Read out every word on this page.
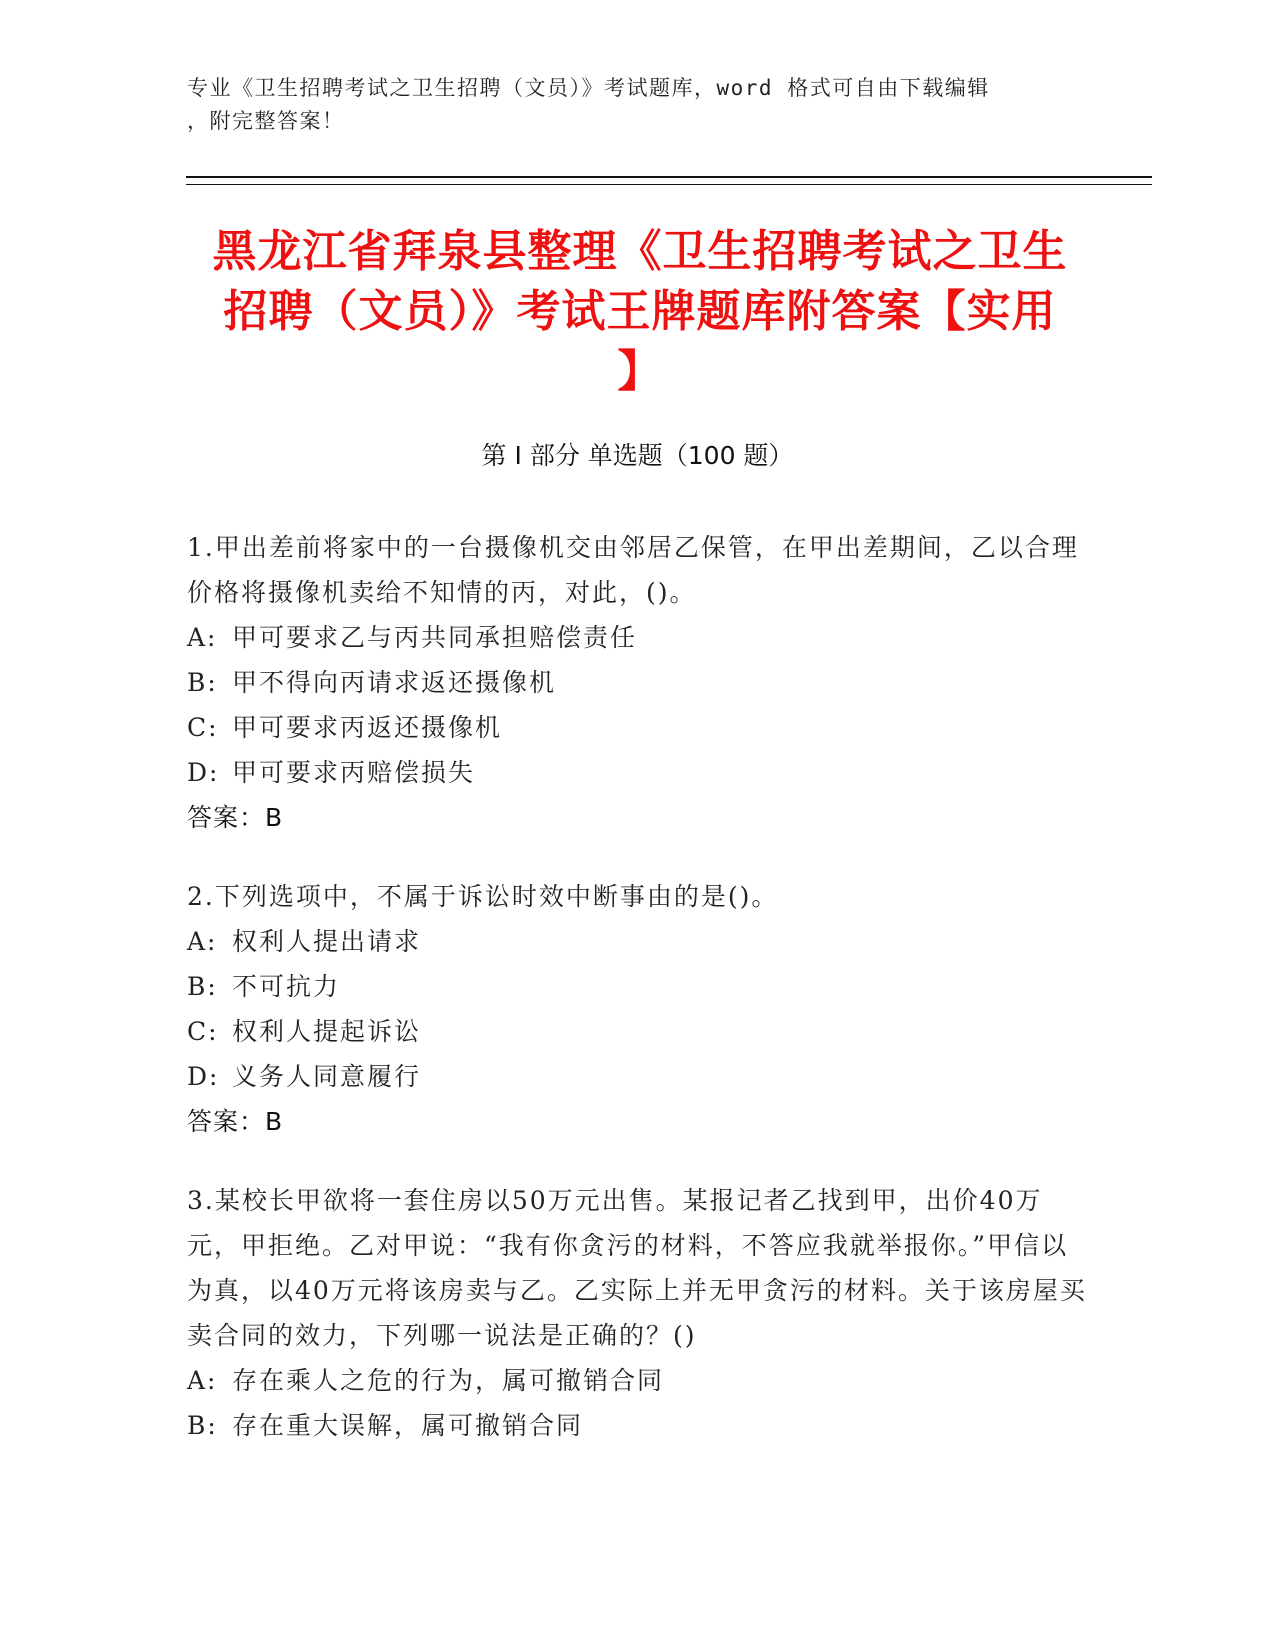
专业《卫生招聘考试之卫生招聘（文员）》考试题库，word 格式可自由下载编辑
，附完整答案！
黑龙江省拜泉县整理《卫生招聘考试之卫生
招聘（文员）》考试王牌题库附答案【实用
】
第 I 部分 单选题（100 题）
1.甲出差前将家中的一台摄像机交由邻居乙保管，在甲出差期间，乙以合理价格将摄像机卖给不知情的丙，对此，()。
A: 甲可要求乙与丙共同承担赔偿责任
B: 甲不得向丙请求返还摄像机
C: 甲可要求丙返还摄像机
D: 甲可要求丙赔偿损失
答案：B
2.下列选项中，不属于诉讼时效中断事由的是()。
A: 权利人提出请求
B: 不可抗力
C: 权利人提起诉讼
D: 义务人同意履行
答案：B
3.某校长甲欲将一套住房以50万元出售。某报记者乙找到甲，出价40万元，甲拒绝。乙对甲说：“我有你贪污的材料，不答应我就举报你。”甲信以为真，以40万元将该房卖与乙。乙实际上并无甲贪污的材料。关于该房屋买卖合同的效力，下列哪一说法是正确的？()
A: 存在乘人之危的行为，属可撤销合同
B: 存在重大误解，属可撤销合同
